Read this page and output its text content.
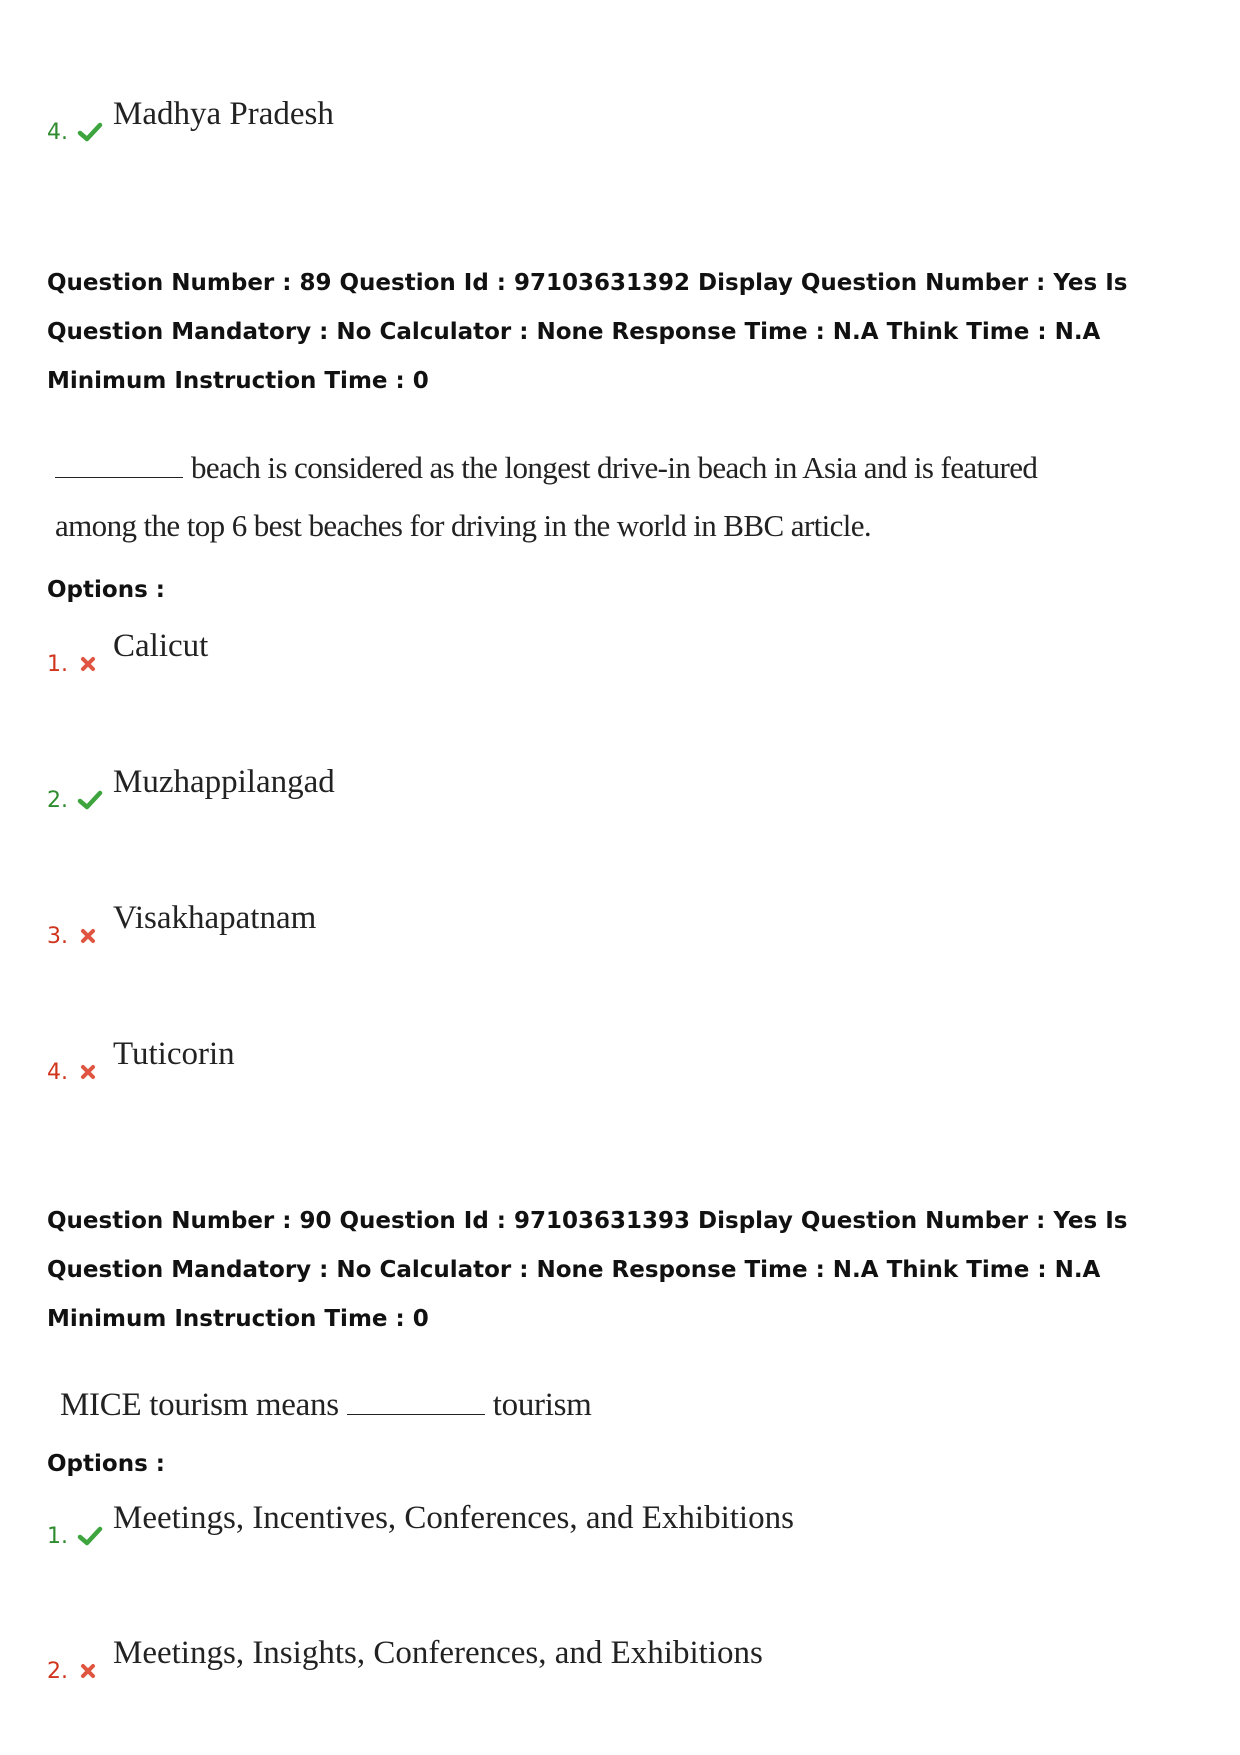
4.
Madhya Pradesh
Question Number : 89 Question Id : 97103631392 Display Question Number : Yes Is Question Mandatory : No Calculator : None Response Time : N.A Think Time : N.A Minimum Instruction Time : 0
beach is considered as the longest drive-in beach in Asia and is featured
among the top 6 best beaches for driving in the world in BBC article.
Options :
1.
Calicut
2.
Muzhappilangad
3.
Visakhapatnam
4.
Tuticorin
Question Number : 90 Question Id : 97103631393 Display Question Number : Yes Is Question Mandatory : No Calculator : None Response Time : N.A Think Time : N.A Minimum Instruction Time : 0
MICE tourism means	tourism
Options :
1.
Meetings, Incentives, Conferences, and Exhibitions
2.
Meetings, Insights, Conferences, and Exhibitions
